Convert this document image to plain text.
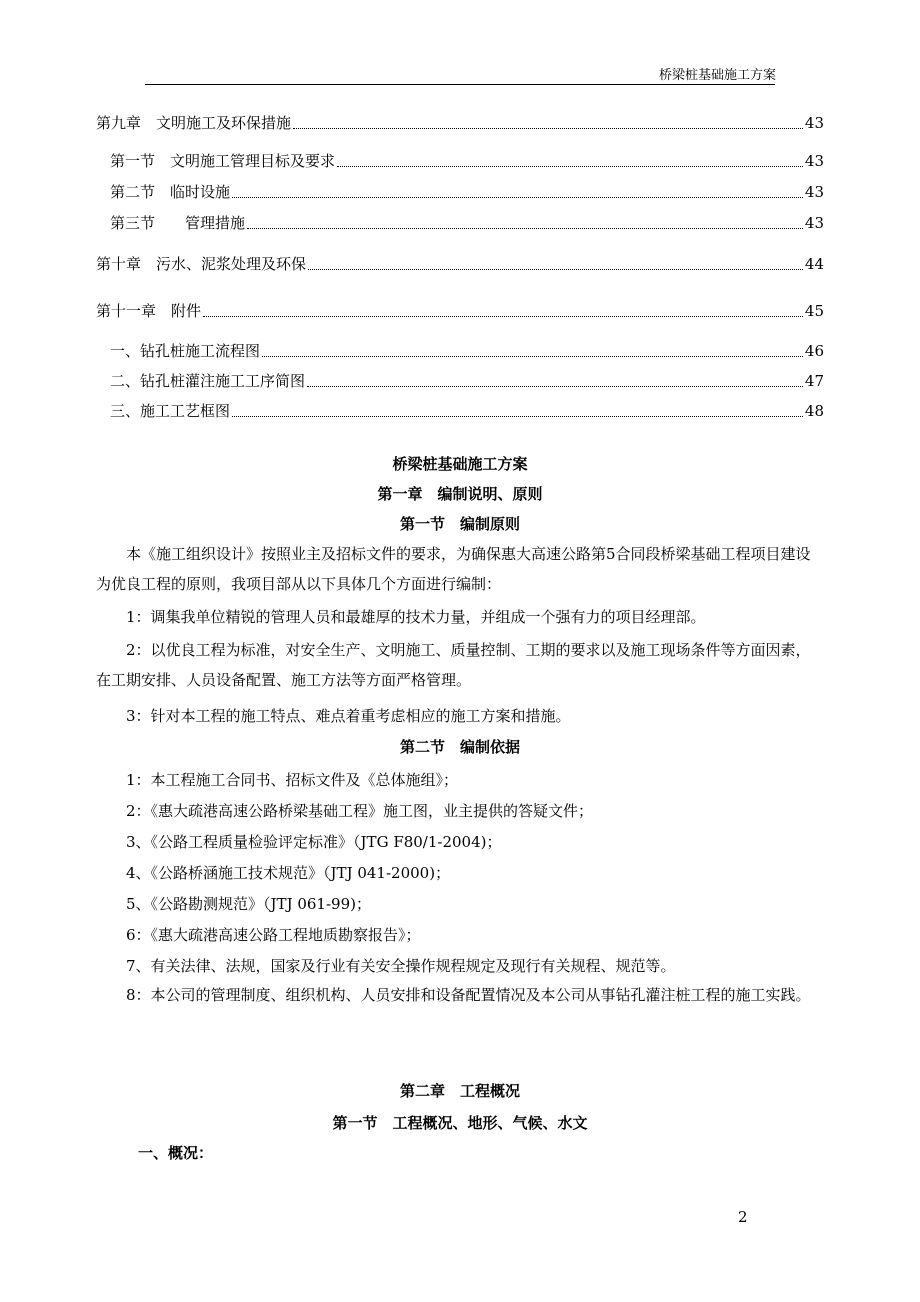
桥梁桩基础施工方案
第九章　文明施工及环保措施	43
第一节　文明施工管理目标及要求	43
第二节　临时设施	43
第三节　　管理措施	43
第十章　污水、泥浆处理及环保	44
第十一章　附件	45
一、钻孔桩施工流程图	46
二、钻孔桩灌注施工工序简图	47
三、施工工艺框图	48
桥梁桩基础施工方案
第一章　编制说明、原则
第一节　编制原则
本《施工组织设计》按照业主及招标文件的要求，为确保惠大高速公路第5合同段桥梁基础工程项目建设为优良工程的原则，我项目部从以下具体几个方面进行编制：
1：调集我单位精锐的管理人员和最雄厚的技术力量，并组成一个强有力的项目经理部。
2：以优良工程为标准，对安全生产、文明施工、质量控制、工期的要求以及施工现场条件等方面因素，在工期安排、人员设备配置、施工方法等方面严格管理。
3：针对本工程的施工特点、难点着重考虑相应的施工方案和措施。
第二节　编制依据
1：本工程施工合同书、招标文件及《总体施组》；
2：《惠大疏港高速公路桥梁基础工程》施工图，业主提供的答疑文件；
3、《公路工程质量检验评定标准》（JTG F80/1-2004)；
4、《公路桥涵施工技术规范》（JTJ 041-2000)；
5、《公路勘测规范》（JTJ 061-99)；
6：《惠大疏港高速公路工程地质勘察报告》；
7、有关法律、法规，国家及行业有关安全操作规程规定及现行有关规程、规范等。
8：本公司的管理制度、组织机构、人员安排和设备配置情况及本公司从事钻孔灌注桩工程的施工实践。
第二章　工程概况
第一节　工程概况、地形、气候、水文
一、概况：
2
